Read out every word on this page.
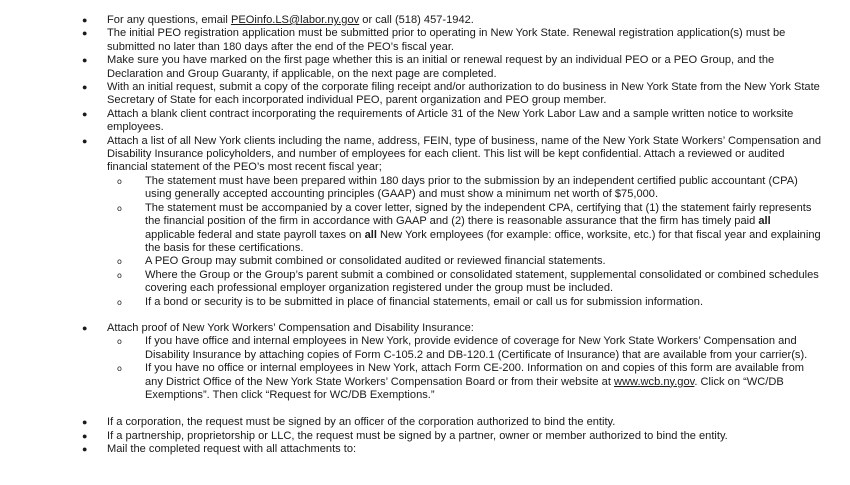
● For any questions, email PEOinfo.LS@labor.ny.gov or call (518) 457-1942.
● The initial PEO registration application must be submitted prior to operating in New York State. Renewal registration application(s) must be submitted no later than 180 days after the end of the PEO’s fiscal year.
● Make sure you have marked on the first page whether this is an initial or renewal request by an individual PEO or a PEO Group, and the Declaration and Group Guaranty, if applicable, on the next page are completed.
● With an initial request, submit a copy of the corporate filing receipt and/or authorization to do business in New York State from the New York State Secretary of State for each incorporated individual PEO, parent organization and PEO group member.
● Attach a blank client contract incorporating the requirements of Article 31 of the New York Labor Law and a sample written notice to worksite employees.
● Attach a list of all New York clients including the name, address, FEIN, type of business, name of the New York State Workers’ Compensation and Disability Insurance policyholders, and number of employees for each client. This list will be kept confidential. Attach a reviewed or audited financial statement of the PEO’s most recent fiscal year;
o The statement must have been prepared within 180 days prior to the submission by an independent certified public accountant (CPA) using generally accepted accounting principles (GAAP) and must show a minimum net worth of $75,000.
o The statement must be accompanied by a cover letter, signed by the independent CPA, certifying that (1) the statement fairly represents the financial position of the firm in accordance with GAAP and (2) there is reasonable assurance that the firm has timely paid all applicable federal and state payroll taxes on all New York employees (for example: office, worksite, etc.) for that fiscal year and explaining the basis for these certifications.
o A PEO Group may submit combined or consolidated audited or reviewed financial statements.
o Where the Group or the Group’s parent submit a combined or consolidated statement, supplemental consolidated or combined schedules covering each professional employer organization registered under the group must be included.
o If a bond or security is to be submitted in place of financial statements, email or call us for submission information.
● Attach proof of New York Workers’ Compensation and Disability Insurance:
o If you have office and internal employees in New York, provide evidence of coverage for New York State Workers’ Compensation and Disability Insurance by attaching copies of Form C-105.2 and DB-120.1 (Certificate of Insurance) that are available from your carrier(s).
o If you have no office or internal employees in New York, attach Form CE-200. Information on and copies of this form are available from any District Office of the New York State Workers’ Compensation Board or from their website at www.wcb.ny.gov. Click on “WC/DB Exemptions”. Then click “Request for WC/DB Exemptions.”
● If a corporation, the request must be signed by an officer of the corporation authorized to bind the entity.
● If a partnership, proprietorship or LLC, the request must be signed by a partner, owner or member authorized to bind the entity.
● Mail the completed request with all attachments to:
